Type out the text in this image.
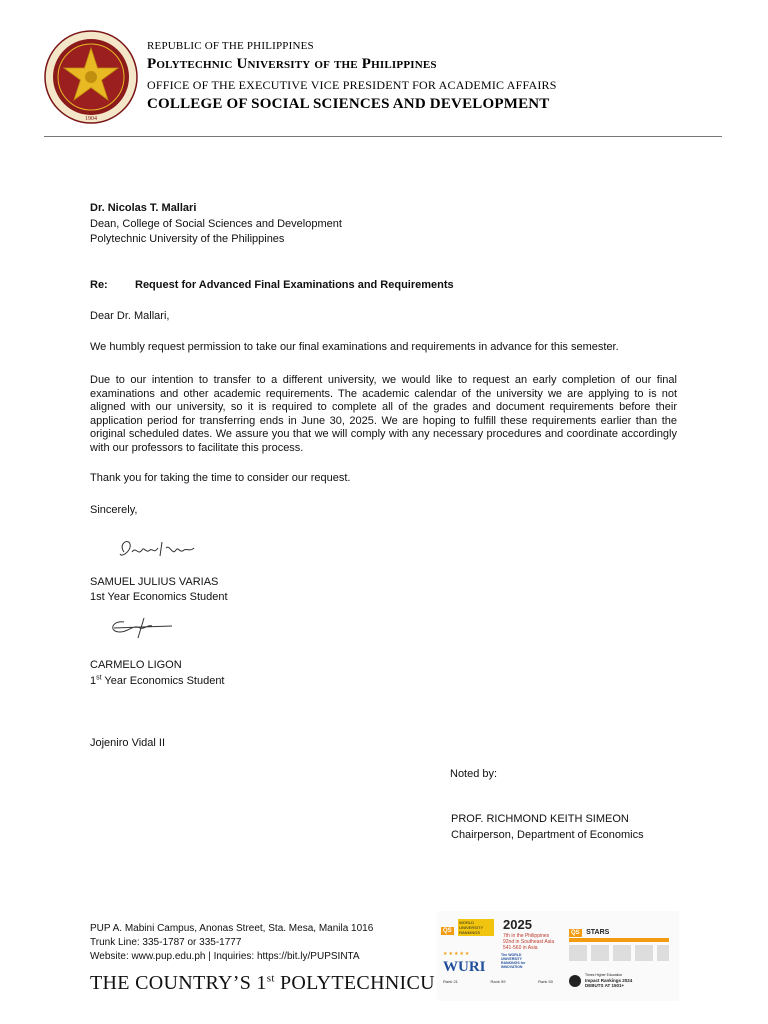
1904
REPUBLIC OF THE PHILIPPINES
Polytechnic University of the Philippines
OFFICE OF THE EXECUTIVE VICE PRESIDENT FOR ACADEMIC AFFAIRS
COLLEGE OF SOCIAL SCIENCES AND DEVELOPMENT
Dr. Nicolas T. Mallari
Dean, College of Social Sciences and Development
Polytechnic University of the Philippines
Re: Request for Advanced Final Examinations and Requirements
Dear Dr. Mallari,
We humbly request permission to take our final examinations and requirements in advance for this semester.
Due to our intention to transfer to a different university, we would like to request an early completion of our final examinations and other academic requirements. The academic calendar of the university we are applying to is not aligned with our university, so it is required to complete all of the grades and document requirements before their application period for transferring ends in June 30, 2025. We are hoping to fulfill these requirements earlier than the original scheduled dates. We assure you that we will comply with any necessary procedures and coordinate accordingly with our professors to facilitate this process.
Thank you for taking the time to consider our request.
Sincerely,
SAMUEL JULIUS VARIAS
1st Year Economics Student
CARMELO LIGON
1st Year Economics Student
Jojeniro Vidal II
Noted by:
PROF. RICHMOND KEITH SIMEON
Chairperson, Department of Economics
PUP A. Mabini Campus, Anonas Street, Sta. Mesa, Manila 1016
Trunk Line: 335-1787 or 335-1777
Website: www.pup.edu.ph | Inquiries: https://bit.ly/PUPSINTA
THE COUNTRY’S 1st POLYTECHNICU
QS WORLD UNIVERSITY RANKINGS
2025
7th in the Philippines
92nd in Southeast Asia
541-560 in Asia
QS STARS
★★★★★
WURI
The WORLD UNIVERSITY RANKINGS for INNOVATION
Rank 21	Rank 59	Rank 50
Times Higher Education
Impact Rankings 2024
DEBUTS AT 1501+
